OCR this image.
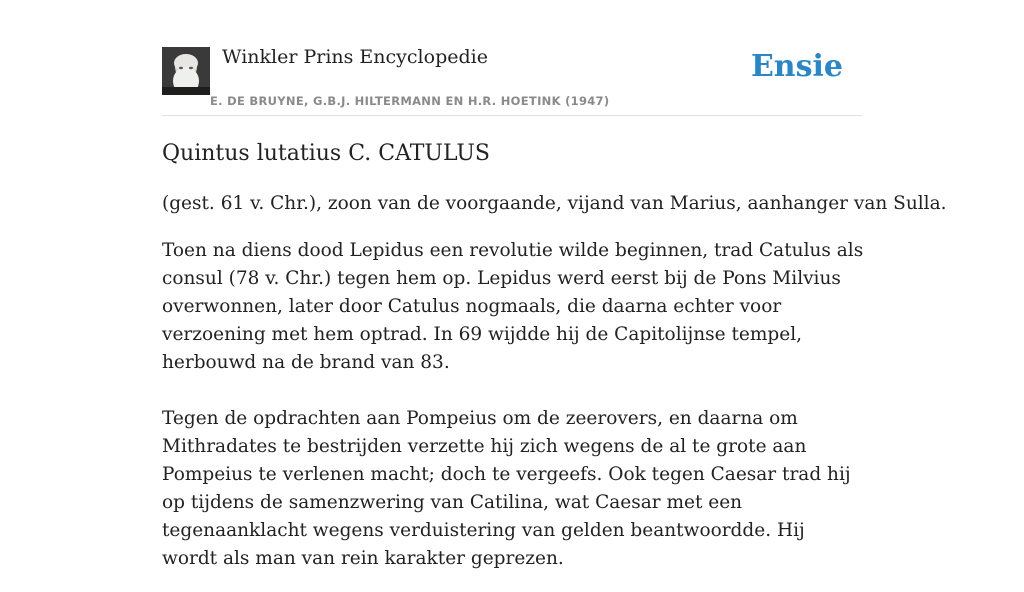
Winkler Prins Encyclopedie
E. DE BRUYNE, G.B.J. HILTERMANN EN H.R. HOETINK (1947)
Ensie
Quintus lutatius C. CATULUS

(gest. 61 v. Chr.), zoon van de voorgaande, vijand van Marius, aanhanger van Sulla.

Toen na diens dood Lepidus een revolutie wilde beginnen, trad Catulus als consul (78 v. Chr.) tegen hem op. Lepidus werd eerst bij de Pons Milvius overwonnen, later door Catulus nogmaals, die daarna echter voor verzoening met hem optrad. In 69 wijdde hij de Capitolijnse tempel, herbouwd na de brand van 83.

Tegen de opdrachten aan Pompeius om de zeerovers, en daarna om Mithradates te bestrijden verzette hij zich wegens de al te grote aan Pompeius te verlenen macht; doch te vergeefs. Ook tegen Caesar trad hij op tijdens de samenzwering van Catilina, wat Caesar met een tegenaanklacht wegens verduistering van gelden beantwoordde. Hij wordt als man van rein karakter geprezen.
